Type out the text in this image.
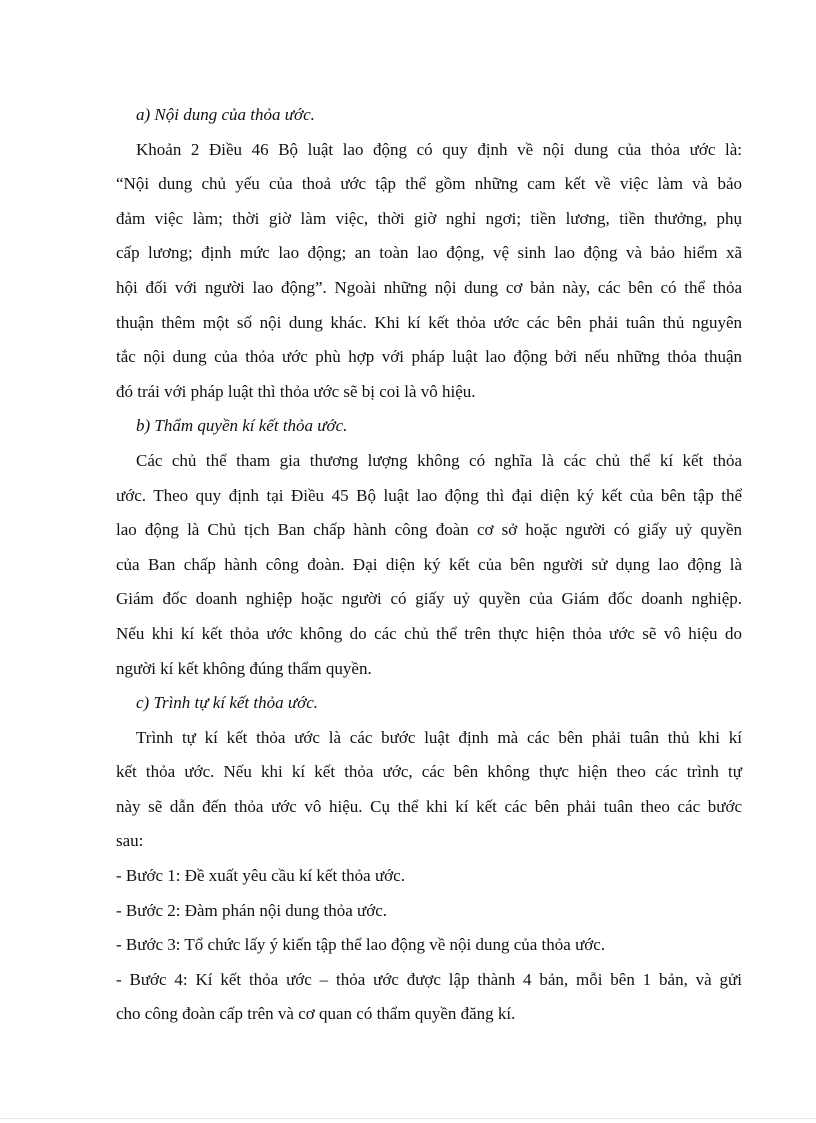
a) Nội dung của thỏa ước.

Khoản 2 Điều 46 Bộ luật lao động có quy định về nội dung của thỏa ước là:
“Nội dung chủ yếu của thoả ước tập thể gồm những cam kết về việc làm và bảo
đảm việc làm; thời giờ làm việc, thời giờ nghỉ ngơi; tiền lương, tiền thưởng, phụ
cấp lương; định mức lao động; an toàn lao động, vệ sinh lao động và bảo hiểm xã
hội đối với người lao động”. Ngoài những nội dung cơ bản này, các bên có thể thỏa
thuận thêm một số nội dung khác. Khi kí kết thỏa ước các bên phải tuân thủ nguyên
tắc nội dung của thỏa ước phù hợp với pháp luật lao động bởi nếu những thỏa thuận
đó trái với pháp luật thì thỏa ước sẽ bị coi là vô hiệu.

b) Thẩm quyền kí kết thỏa ước.

Các chủ thể tham gia thương lượng không có nghĩa là các chủ thể kí kết thỏa
ước. Theo quy định tại Điều 45 Bộ luật lao động thì đại diện ký kết của bên tập thể
lao động là Chủ tịch Ban chấp hành công đoàn cơ sở hoặc người có giấy uỷ quyền
của Ban chấp hành công đoàn. Đại diện ký kết của bên người sử dụng lao động là
Giám đốc doanh nghiệp hoặc người có giấy uỷ quyền của Giám đốc doanh nghiệp.
Nếu khi kí kết thỏa ước không do các chủ thể trên thực hiện thỏa ước sẽ vô hiệu do
người kí kết không đúng thẩm quyền.

c) Trình tự kí kết thỏa ước.

Trình tự kí kết thỏa ước là các bước luật định mà các bên phải tuân thủ khi kí
kết thỏa ước. Nếu khi kí kết thỏa ước, các bên không thực hiện theo các trình tự
này sẽ dẫn đến thỏa ước vô hiệu. Cụ thể khi kí kết các bên phải tuân theo các bước
sau:

- Bước 1: Đề xuất yêu cầu kí kết thỏa ước.

- Bước 2: Đàm phán nội dung thỏa ước.

- Bước 3: Tổ chức lấy ý kiến tập thể lao động về nội dung của thỏa ước.

- Bước 4: Kí kết thỏa ước – thỏa ước được lập thành 4 bản, mỗi bên 1 bản, và gửi
cho công đoàn cấp trên và cơ quan có thẩm quyền đăng kí.
